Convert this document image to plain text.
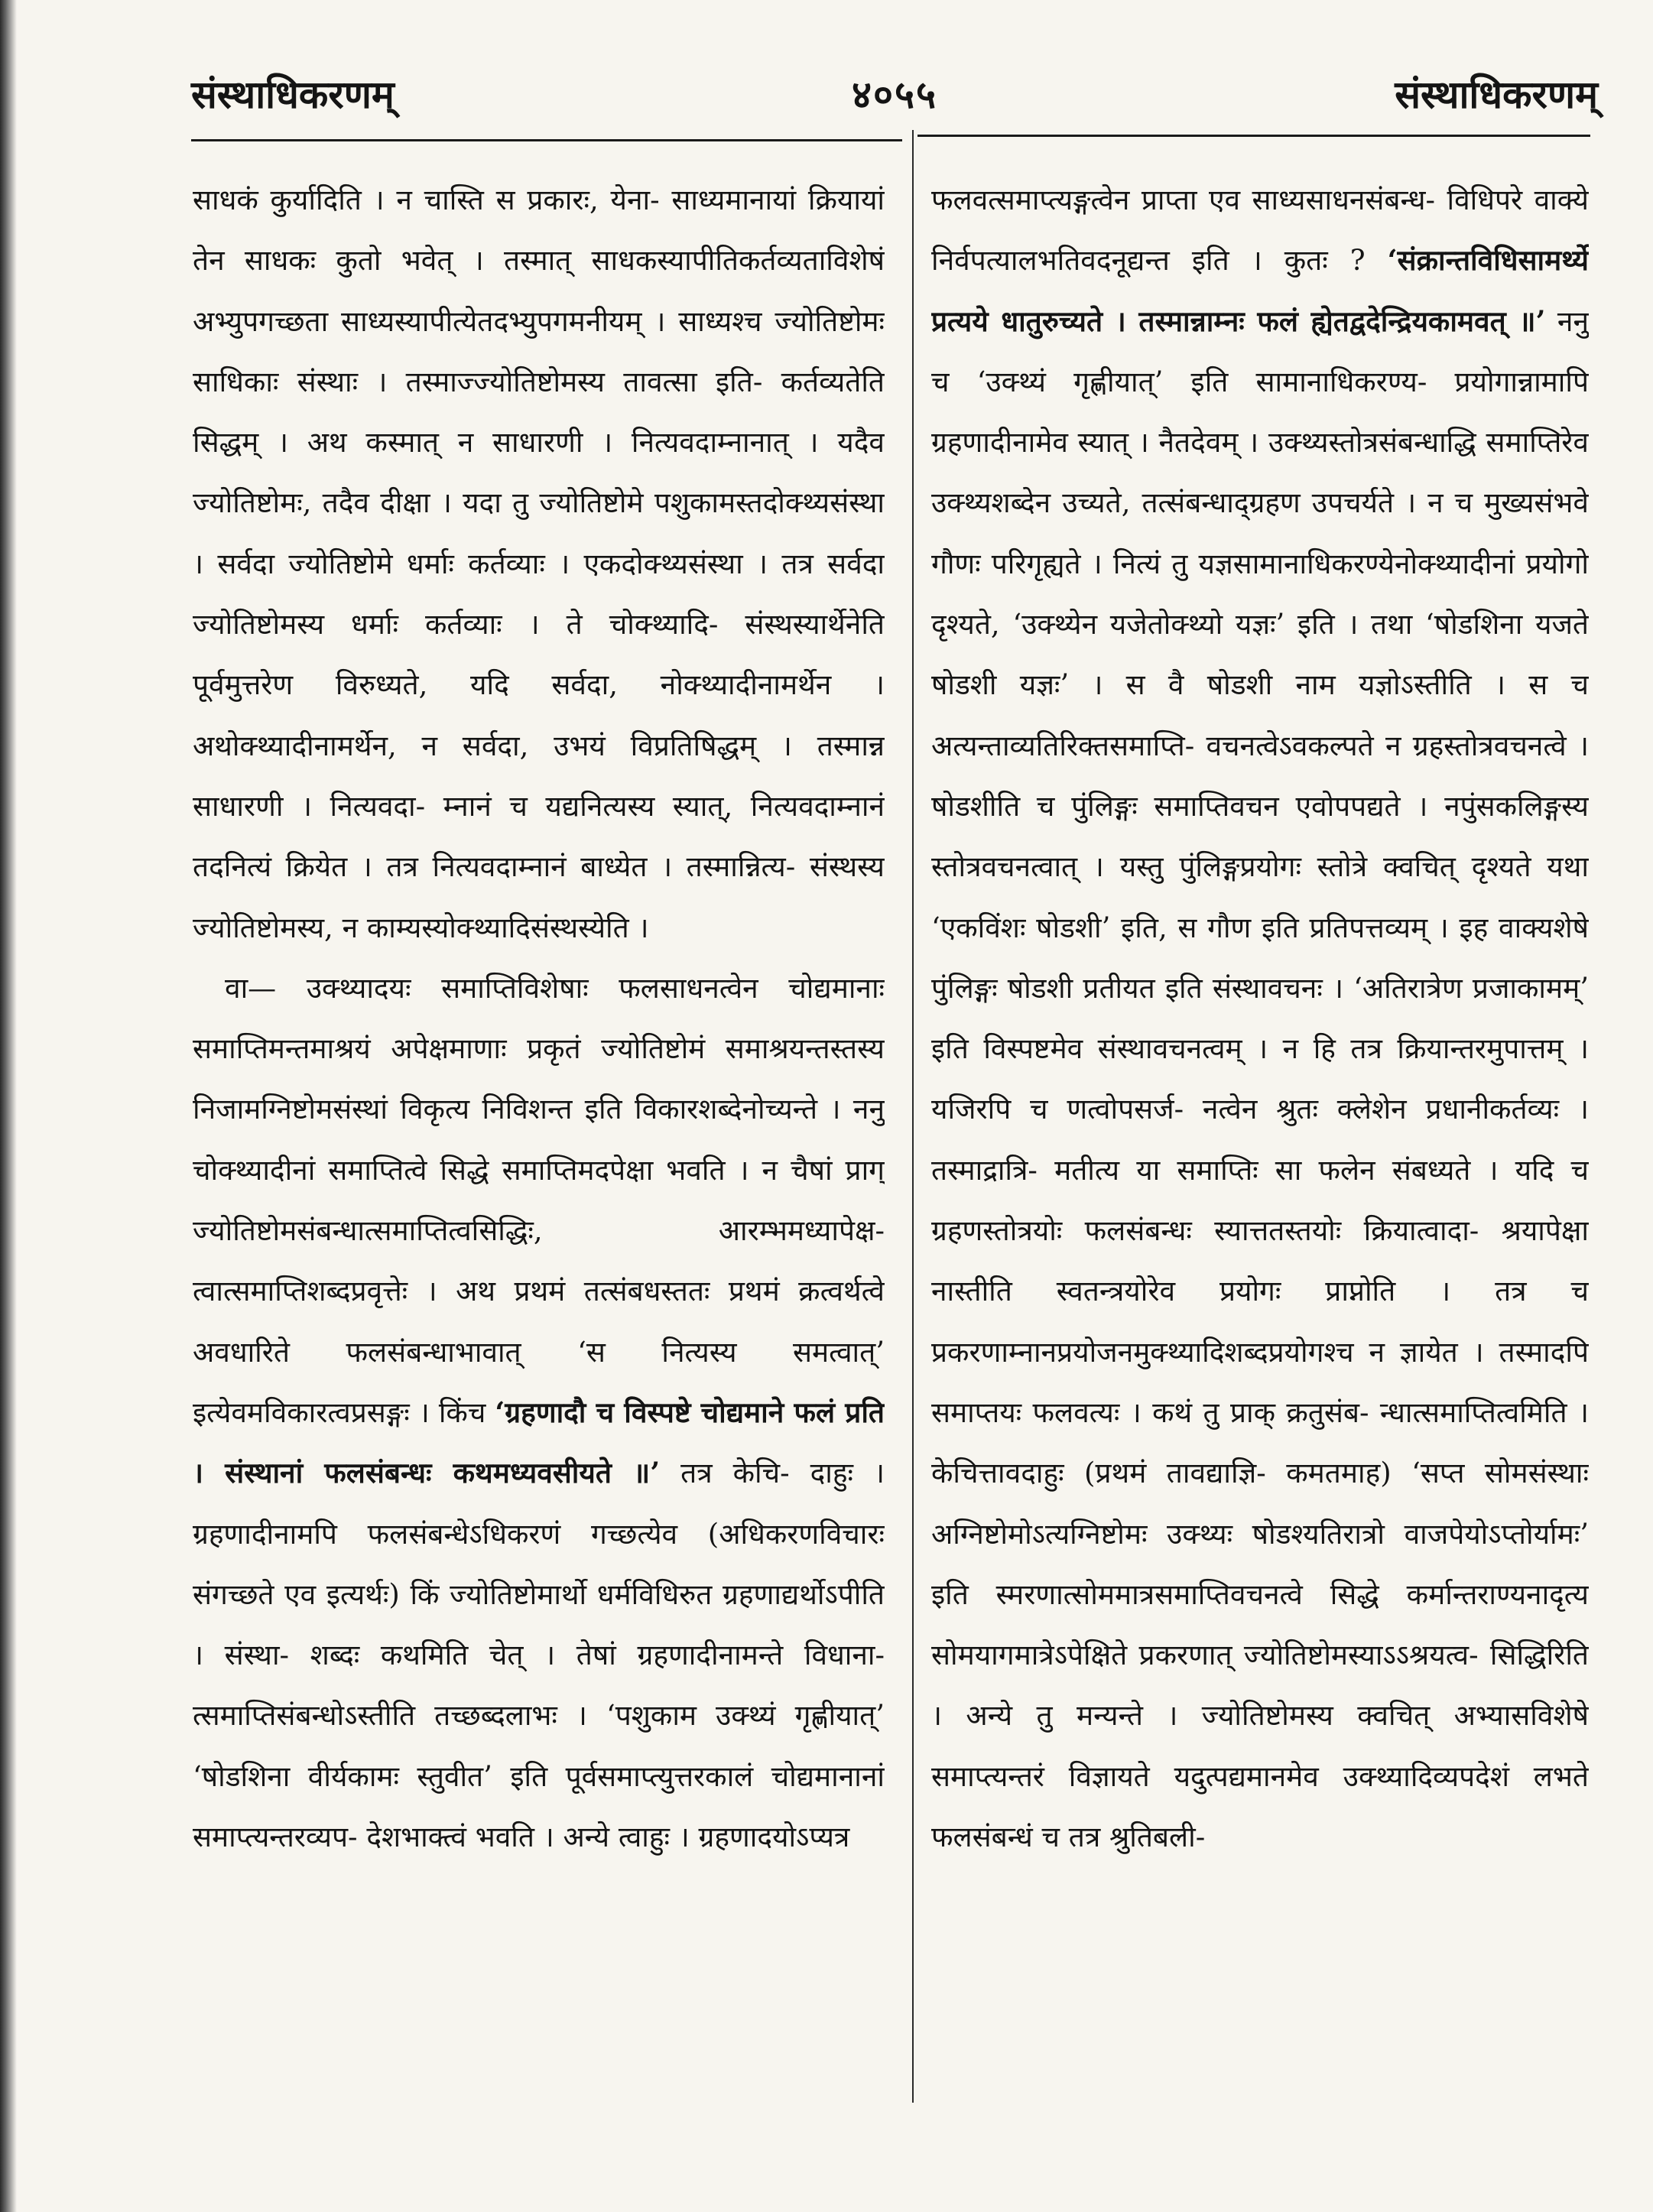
संस्थाधिकरणम्	४०५५	संस्थाधिकरणम्

साधकं कुर्यादिति । न चास्ति स प्रकारः, येना- साध्यमानायां क्रियायां तेन साधकः कुतो भवेत् । तस्मात् साधकस्यापीतिकर्तव्यताविशेषं अभ्युपगच्छता साध्यस्यापीत्येतदभ्युपगमनीयम् । साध्यश्च ज्योतिष्टोमः साधिकाः संस्थाः । तस्माज्ज्योतिष्टोमस्य तावत्सा इति- कर्तव्यतेति सिद्धम् । अथ कस्मात् न साधारणी । नित्यवदाम्नानात् । यदैव ज्योतिष्टोमः, तदैव दीक्षा । यदा तु ज्योतिष्टोमे पशुकामस्तदोक्थ्यसंस्था । सर्वदा ज्योतिष्टोमे धर्माः कर्तव्याः । एकदोक्थ्यसंस्था । तत्र सर्वदा ज्योतिष्टोमस्य धर्माः कर्तव्याः । ते चोक्थ्यादि- संस्थस्यार्थेनेति पूर्वमुत्तरेण विरुध्यते, यदि सर्वदा, नोक्थ्यादीनामर्थेन । अथोक्थ्यादीनामर्थेन, न सर्वदा, उभयं विप्रतिषिद्धम् । तस्मान्न साधारणी । नित्यवदा- म्नानं च यद्यनित्यस्य स्यात्, नित्यवदाम्नानं तदनित्यं क्रियेत । तत्र नित्यवदाम्नानं बाध्येत । तस्मान्नित्य- संस्थस्य ज्योतिष्टोमस्य, न काम्यस्योक्थ्यादिसंस्थस्येति ।

वा— उक्थ्यादयः समाप्तिविशेषाः फलसाधनत्वेन चोद्यमानाः समाप्तिमन्तमाश्रयं अपेक्षमाणाः प्रकृतं ज्योतिष्टोमं समाश्रयन्तस्तस्य निजामग्निष्टोमसंस्थां विकृत्य निविशन्त इति विकारशब्देनोच्यन्ते । ननु चोक्थ्यादीनां समाप्तित्वे सिद्धे समाप्तिमदपेक्षा भवति । न चैषां प्राग् ज्योतिष्टोमसंबन्धात्समाप्तित्वसिद्धिः, आरम्भमध्यापेक्ष- त्वात्समाप्तिशब्दप्रवृत्तेः । अथ प्रथमं तत्संबधस्ततः प्रथमं क्रत्वर्थत्वे अवधारिते फलसंबन्धाभावात् ‘स नित्यस्य समत्वात्’ इत्येवमविकारत्वप्रसङ्गः । किंच ‘ग्रहणादौ च विस्पष्टे चोद्यमाने फलं प्रति । संस्थानां फलसंबन्धः कथमध्यवसीयते ॥’ तत्र केचि- दाहुः । ग्रहणादीनामपि फलसंबन्धेऽधिकरणं गच्छत्येव (अधिकरणविचारः संगच्छते एव इत्यर्थः) किं ज्योतिष्टोमार्थो धर्मविधिरुत ग्रहणाद्यर्थोऽपीति । संस्था- शब्दः कथमिति चेत् । तेषां ग्रहणादीनामन्ते विधाना- त्समाप्तिसंबन्धोऽस्तीति तच्छब्दलाभः । ‘पशुकाम उक्थ्यं गृह्णीयात्’ ‘षोडशिना वीर्यकामः स्तुवीत’ इति पूर्वसमाप्त्युत्तरकालं चोद्यमानानां समाप्त्यन्तरव्यप- देशभाक्त्वं भवति । अन्ये त्वाहुः । ग्रहणादयोऽप्यत्र

फलवत्समाप्त्यङ्गत्वेन प्राप्ता एव साध्यसाधनसंबन्ध- विधिपरे वाक्ये निर्वपत्यालभतिवदनूद्यन्त इति । कुतः ? ‘संक्रान्तविधिसामर्थ्ये प्रत्यये धातुरुच्यते । तस्मान्नाम्नः फलं ह्येतद्वदेन्द्रियकामवत् ॥’ ननु च ‘उक्थ्यं गृह्णीयात्’ इति सामानाधिकरण्य- प्रयोगान्नामापि ग्रहणादीनामेव स्यात् । नैतदेवम् । उक्थ्यस्तोत्रसंबन्धाद्धि समाप्तिरेव उक्थ्यशब्देन उच्यते, तत्संबन्धाद्ग्रहण उपचर्यते । न च मुख्यसंभवे गौणः परिगृह्यते । नित्यं तु यज्ञसामानाधिकरण्येनोक्थ्यादीनां प्रयोगो दृश्यते, ‘उक्थ्येन यजेतोक्थ्यो यज्ञः’ इति । तथा ‘षोडशिना यजते षोडशी यज्ञः’ । स वै षोडशी नाम यज्ञोऽस्तीति । स च अत्यन्ताव्यतिरिक्तसमाप्ति- वचनत्वेऽवकल्पते न ग्रहस्तोत्रवचनत्वे । षोडशीति च पुंलिङ्गः समाप्तिवचन एवोपपद्यते । नपुंसकलिङ्गस्य स्तोत्रवचनत्वात् । यस्तु पुंलिङ्गप्रयोगः स्तोत्रे क्वचित् दृश्यते यथा ‘एकविंशः षोडशी’ इति, स गौण इति प्रतिपत्तव्यम् । इह वाक्यशेषे पुंलिङ्गः षोडशी प्रतीयत इति संस्थावचनः । ‘अतिरात्रेण प्रजाकामम्’ इति विस्पष्टमेव संस्थावचनत्वम् । न हि तत्र क्रियान्तरमुपात्तम् । यजिरपि च णत्वोपसर्ज- नत्वेन श्रुतः क्लेशेन प्रधानीकर्तव्यः । तस्माद्रात्रि- मतीत्य या समाप्तिः सा फलेन संबध्यते । यदि च ग्रहणस्तोत्रयोः फलसंबन्धः स्यात्ततस्तयोः क्रियात्वादा- श्रयापेक्षा नास्तीति स्वतन्त्रयोरेव प्रयोगः प्राप्नोति । तत्र च प्रकरणाम्नानप्रयोजनमुक्थ्यादिशब्दप्रयोगश्च न ज्ञायेत । तस्मादपि समाप्तयः फलवत्यः । कथं तु प्राक् क्रतुसंब- न्धात्समाप्तित्वमिति । केचित्तावदाहुः (प्रथमं तावद्याज्ञि- कमतमाह) ‘सप्त सोमसंस्थाः अग्निष्टोमोऽत्यग्निष्टोमः उक्थ्यः षोडश्यतिरात्रो वाजपेयोऽप्तोर्यामः’ इति स्मरणात्सोममात्रसमाप्तिवचनत्वे सिद्धे कर्मान्तराण्यनादृत्य सोमयागमात्रेऽपेक्षिते प्रकरणात् ज्योतिष्टोमस्याऽऽश्रयत्व- सिद्धिरिति । अन्ये तु मन्यन्ते । ज्योतिष्टोमस्य क्वचित् अभ्यासविशेषे समाप्त्यन्तरं विज्ञायते यदुत्पद्यमानमेव उक्थ्यादिव्यपदेशं लभते फलसंबन्धं च तत्र श्रुतिबली-
